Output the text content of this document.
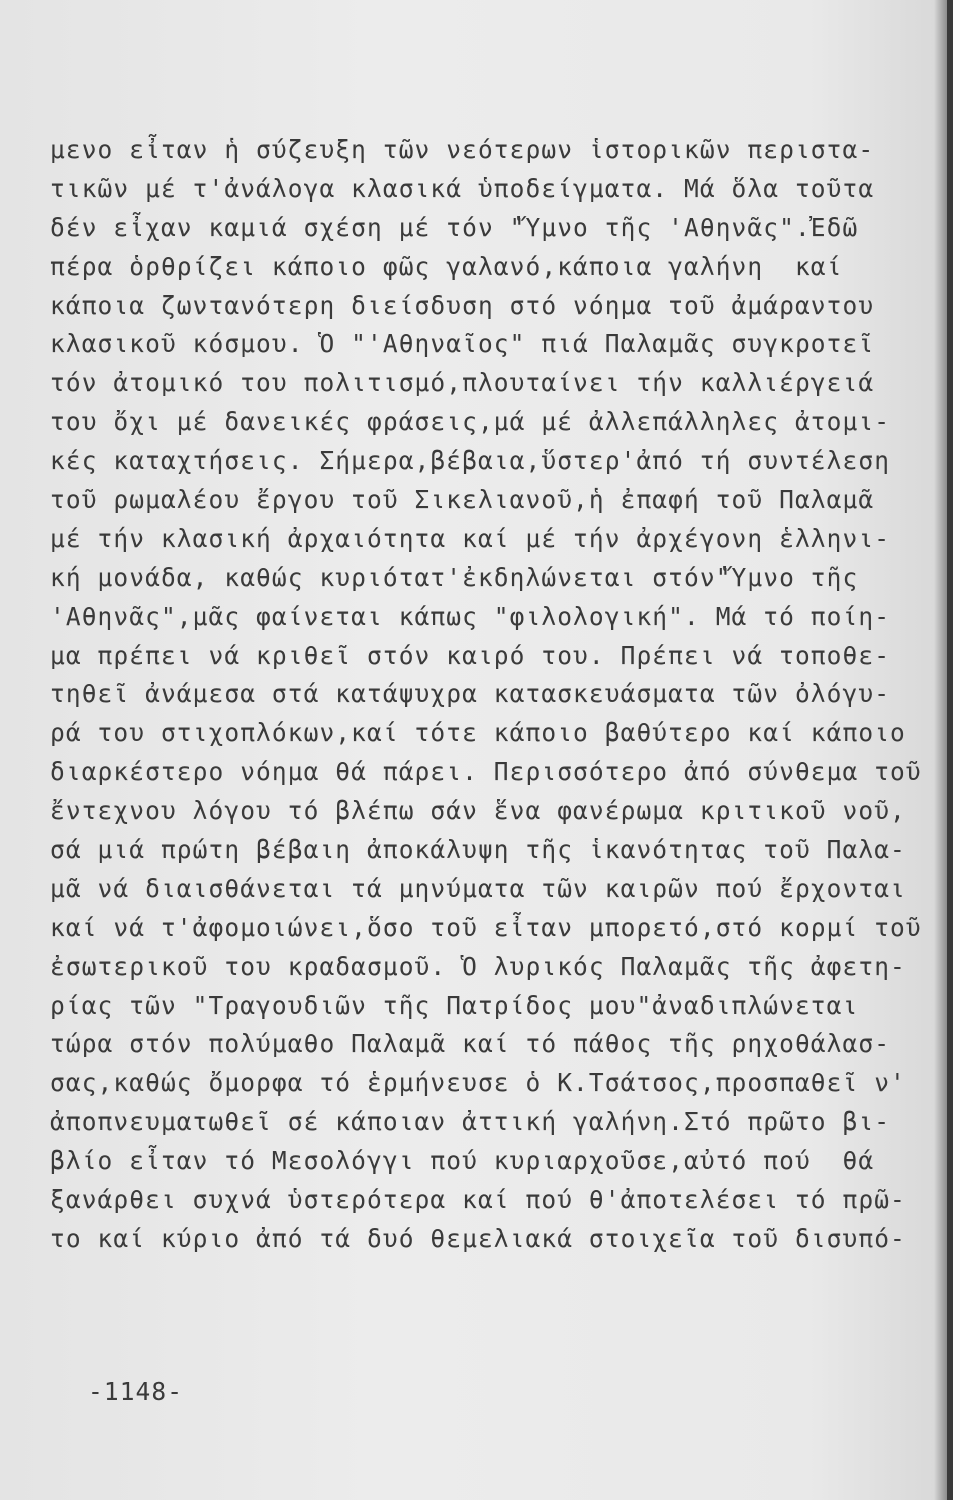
μενο εἶταν ἡ σύζευξη τῶν νεότερων ἱστορικῶν περιστα-
τικῶν μέ τ'ἀνάλογα κλασικά ὑποδείγματα. Μά ὅλα τοῦτα
δέν εἶχαν καμιά σχέση μέ τόν "Ὕμνο τῆς 'Αθηνᾶς".Ἐδῶ
πέρα ὁρθρίζει κάποιο φῶς γαλανό,κάποια γαλήνη  καί
κάποια ζωντανότερη διείσδυση στό νόημα τοῦ ἀμάραντου
κλασικοῦ κόσμου. Ὁ "'Αθηναῖος" πιά Παλαμᾶς συγκροτεῖ
τόν ἀτομικό του πολιτισμό,πλουταίνει τήν καλλιέργειά
του ὄχι μέ δανεικές φράσεις,μά μέ ἀλλεπάλληλες ἀτομι-
κές καταχτήσεις. Σήμερα,βέβαια,ὕστερ'ἀπό τή συντέλεση
τοῦ ρωμαλέου ἔργου τοῦ Σικελιανοῦ,ἡ ἐπαφή τοῦ Παλαμᾶ
μέ τήν κλασική ἀρχαιότητα καί μέ τήν ἀρχέγονη ἑλληνι-
κή μονάδα, καθώς κυριότατ'ἐκδηλώνεται στόν"Ὕμνο τῆς
'Αθηνᾶς",μᾶς φαίνεται κάπως "φιλολογική". Μά τό ποίη-
μα πρέπει νά κριθεῖ στόν καιρό του. Πρέπει νά τοποθε-
τηθεῖ ἀνάμεσα στά κατάψυχρα κατασκευάσματα τῶν ὀλόγυ-
ρά του στιχοπλόκων,καί τότε κάποιο βαθύτερο καί κάποιο
διαρκέστερο νόημα θά πάρει. Περισσότερο ἀπό σύνθεμα τοῦ
ἔντεχνου λόγου τό βλέπω σάν ἕνα φανέρωμα κριτικοῦ νοῦ,
σά μιά πρώτη βέβαιη ἀποκάλυψη τῆς ἱκανότητας τοῦ Παλα-
μᾶ νά διαισθάνεται τά μηνύματα τῶν καιρῶν πού ἔρχονται
καί νά τ'ἀφομοιώνει,ὅσο τοῦ εἶταν μπορετό,στό κορμί τοῦ
ἐσωτερικοῦ του κραδασμοῦ. Ὁ λυρικός Παλαμᾶς τῆς ἀφετη-
ρίας τῶν "Τραγουδιῶν τῆς Πατρίδος μου"ἀναδιπλώνεται
τώρα στόν πολύμαθο Παλαμᾶ καί τό πάθος τῆς ρηχοθάλασ-
σας,καθώς ὄμορφα τό ἑρμήνευσε ὁ Κ.Τσάτσος,προσπαθεῖ ν'
ἀποπνευματωθεῖ σέ κάποιαν ἀττική γαλήνη.Στό πρῶτο βι-
βλίο εἶταν τό Μεσολόγγι πού κυριαρχοῦσε,αὐτό πού  θά
ξανάρθει συχνά ὑστερότερα καί πού θ'ἀποτελέσει τό πρῶ-
το καί κύριο ἀπό τά δυό θεμελιακά στοιχεῖα τοῦ δισυπό-
-1148-
